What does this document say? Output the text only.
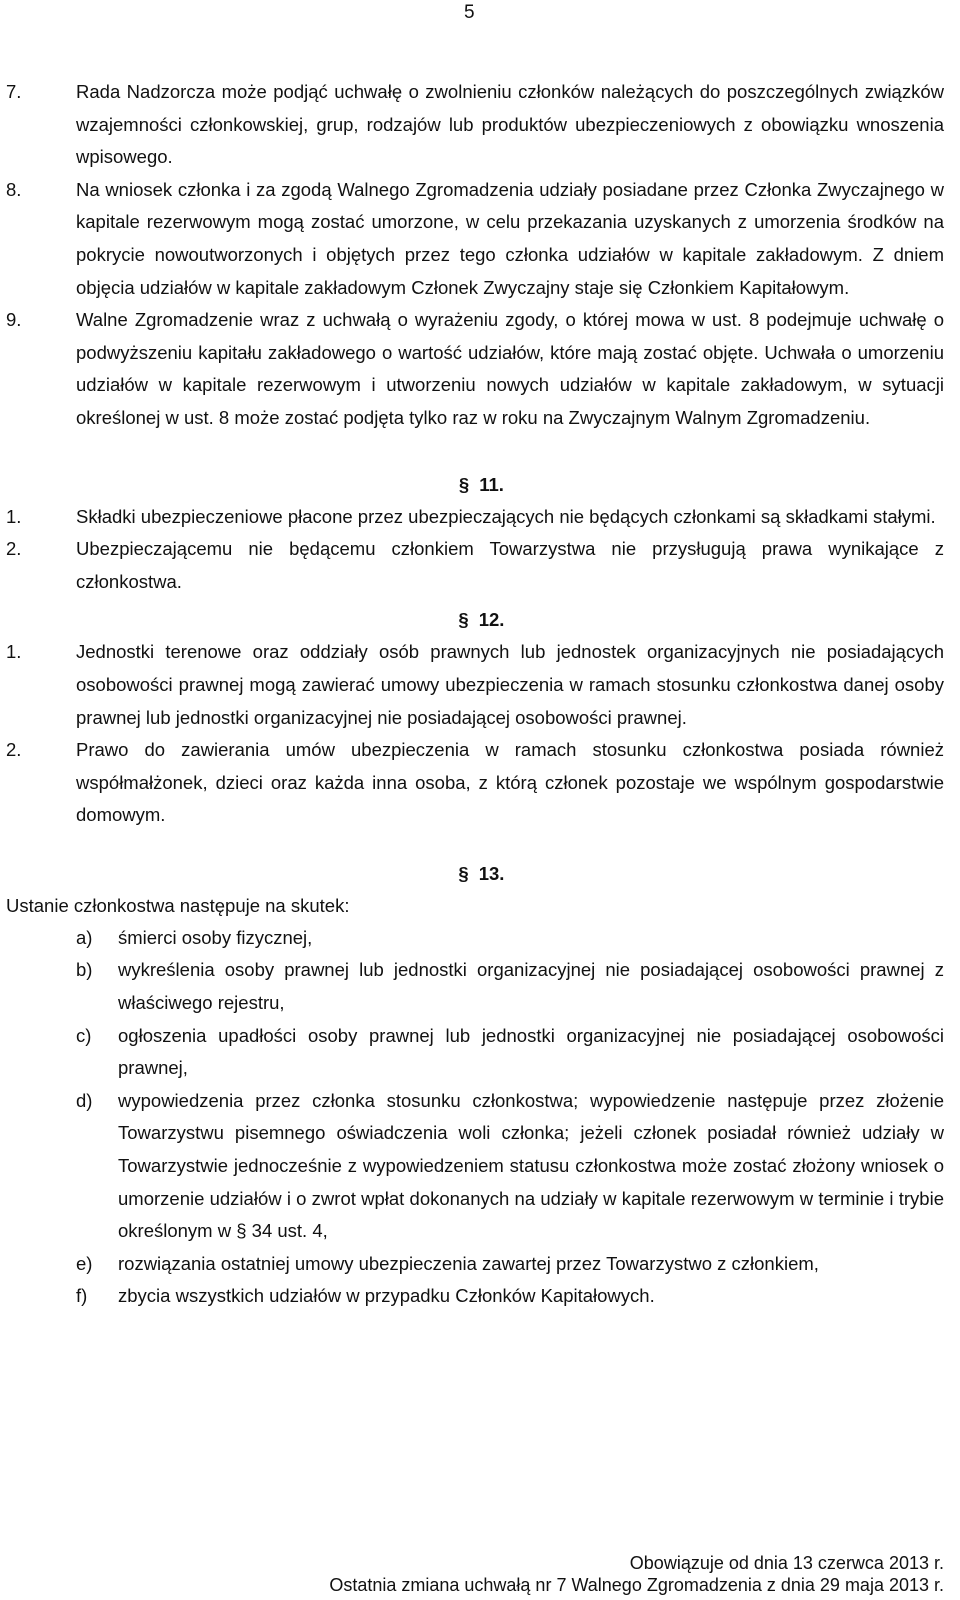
5

7.	Rada Nadzorcza może podjąć uchwałę o zwolnieniu członków należących do poszczególnych związków wzajemności członkowskiej, grup, rodzajów lub produktów ubezpieczeniowych z obowiązku wnoszenia wpisowego.

8.	Na wniosek członka i za zgodą Walnego Zgromadzenia udziały posiadane przez Członka Zwyczajnego w kapitale rezerwowym mogą zostać umorzone, w celu przekazania uzyskanych z umorzenia środków na pokrycie nowoutworzonych i objętych przez tego członka udziałów w kapitale zakładowym. Z dniem objęcia udziałów w kapitale zakładowym Członek Zwyczajny staje się Członkiem Kapitałowym.

9.	Walne Zgromadzenie wraz z uchwałą o wyrażeniu zgody, o której mowa w ust. 8 podejmuje uchwałę o podwyższeniu kapitału zakładowego o wartość udziałów, które mają zostać objęte. Uchwała o umorzeniu udziałów w kapitale rezerwowym i utworzeniu nowych udziałów w kapitale zakładowym, w sytuacji określonej w ust. 8 może zostać podjęta tylko raz w roku na Zwyczajnym Walnym Zgromadzeniu.

§ 11.

1.	Składki ubezpieczeniowe płacone przez ubezpieczających nie będących członkami są składkami stałymi.

2.	Ubezpieczającemu nie będącemu członkiem Towarzystwa nie przysługują prawa wynikające z członkostwa.

§ 12.

1.	Jednostki terenowe oraz oddziały osób prawnych lub jednostek organizacyjnych nie posiadających osobowości prawnej mogą zawierać umowy ubezpieczenia w ramach stosunku członkostwa danej osoby prawnej lub jednostki organizacyjnej nie posiadającej osobowości prawnej.

2.	Prawo do zawierania umów ubezpieczenia w ramach stosunku członkostwa posiada również współmałżonek, dzieci oraz każda inna osoba, z którą członek pozostaje we wspólnym gospodarstwie domowym.

§ 13.

Ustanie członkostwa następuje na skutek:

a) śmierci osoby fizycznej,

b) wykreślenia osoby prawnej lub jednostki organizacyjnej nie posiadającej osobowości prawnej z właściwego rejestru,

c) ogłoszenia upadłości osoby prawnej lub jednostki organizacyjnej nie posiadającej osobowości prawnej,

d) wypowiedzenia przez członka stosunku członkostwa; wypowiedzenie następuje przez złożenie Towarzystwu pisemnego oświadczenia woli członka; jeżeli członek posiadał również udziały w Towarzystwie jednocześnie z wypowiedzeniem statusu członkostwa może zostać złożony wniosek o umorzenie udziałów i o zwrot wpłat dokonanych na udziały w kapitale rezerwowym w terminie i trybie określonym w § 34 ust. 4,

e) rozwiązania ostatniej umowy ubezpieczenia zawartej przez Towarzystwo z członkiem,

f) zbycia wszystkich udziałów w przypadku Członków Kapitałowych.

Obowiązuje od dnia 13 czerwca 2013 r.
Ostatnia zmiana uchwałą nr 7 Walnego Zgromadzenia z dnia 29 maja 2013 r.
